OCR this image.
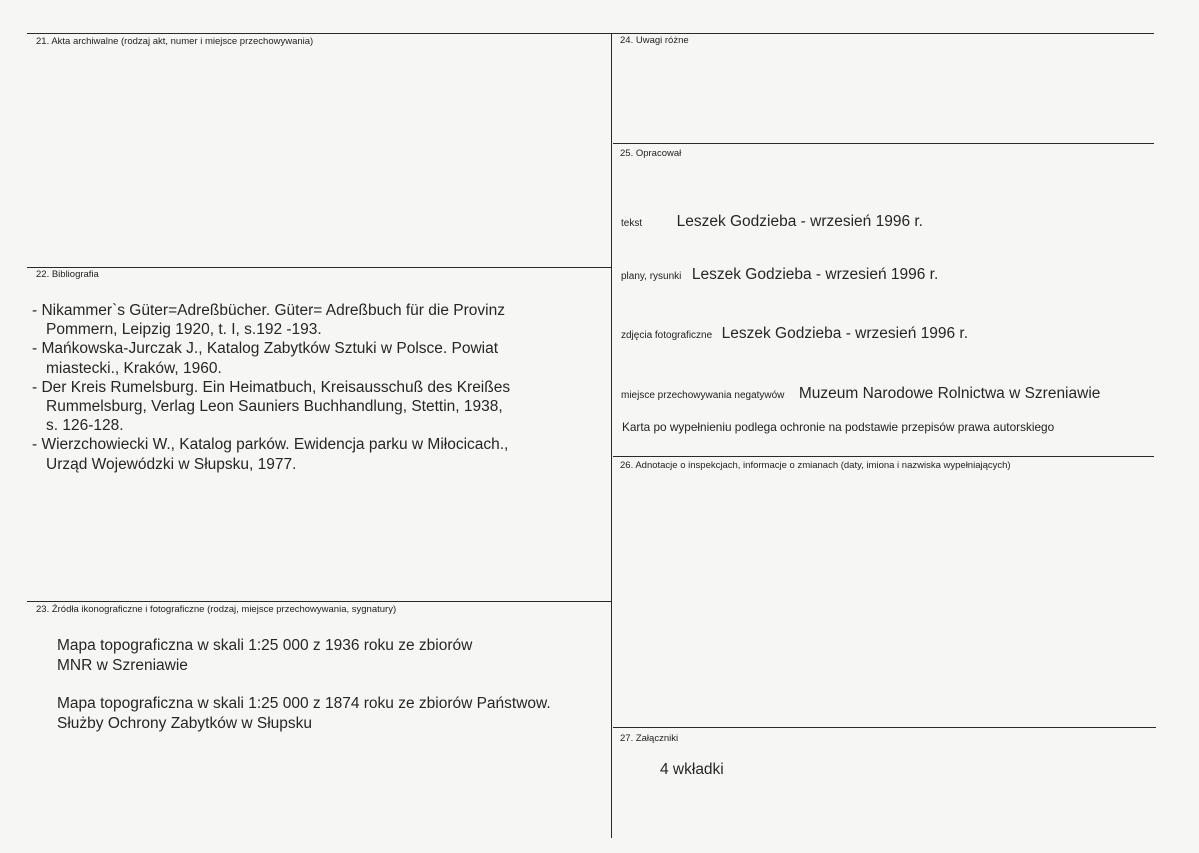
21. Akta archiwalne (rodzaj akt, numer i miejsce przechowywania)
22. Bibliografia
- Nikammer`s Güter=Adreßbücher. Güter= Adreßbuch für die Provinz
Pommern, Leipzig 1920, t. I, s.192 -193.
- Mańkowska-Jurczak J., Katalog Zabytków Sztuki w Polsce. Powiat
miastecki., Kraków, 1960.
- Der Kreis Rumelsburg. Ein Heimatbuch, Kreisausschuß des Kreißes
Rummelsburg, Verlag Leon Sauniers Buchhandlung, Stettin, 1938,
s. 126-128.
- Wierzchowiecki W., Katalog parków. Ewidencja parku w Miłocicach.,
Urząd Wojewódzki w Słupsku, 1977.
23. Źródła ikonograficzne i fotograficzne (rodzaj, miejsce przechowywania, sygnatury)
Mapa topograficzna w skali 1:25 000 z 1936 roku ze zbiorów
MNR w Szreniawie
Mapa topograficzna w skali 1:25 000 z 1874 roku ze zbiorów Państwow.
Służby Ochrony Zabytków w Słupsku
24. Uwagi różne
25. Opracował
tekst Leszek Godzieba - wrzesień 1996 r.
plany, rysunki Leszek Godzieba - wrzesień 1996 r.
zdjęcia fotograficzne Leszek Godzieba - wrzesień 1996 r.
miejsce przechowywania negatywów Muzeum Narodowe Rolnictwa w Szreniawie
Karta po wypełnieniu podlega ochronie na podstawie przepisów prawa autorskiego
26. Adnotacje o inspekcjach, informacje o zmianach (daty, imiona i nazwiska wypełniających)
27. Załączniki
4 wkładki
